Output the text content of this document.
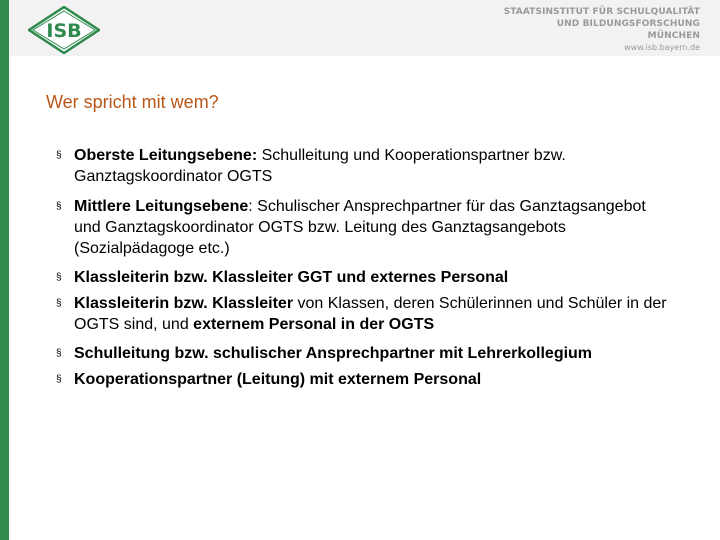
ISB
STAATSINSTITUT FÜR SCHULQUALITÄT
UND BILDUNGSFORSCHUNG
MÜNCHEN
www.isb.bayern.de
Wer spricht mit wem?
§ Oberste Leitungsebene: Schulleitung und Kooperationspartner bzw. Ganztagskoordinator OGTS
§ Mittlere Leitungsebene: Schulischer Ansprechpartner für das Ganztagsangebot und Ganztagskoordinator OGTS bzw. Leitung des Ganztagsangebots (Sozialpädagoge etc.)
§ Klassleiterin bzw. Klassleiter GGT und externes Personal
§ Klassleiterin bzw. Klassleiter von Klassen, deren Schülerinnen und Schüler in der OGTS sind, und externem Personal in der OGTS
§ Schulleitung bzw. schulischer Ansprechpartner mit Lehrerkollegium
§ Kooperationspartner (Leitung) mit externem Personal
